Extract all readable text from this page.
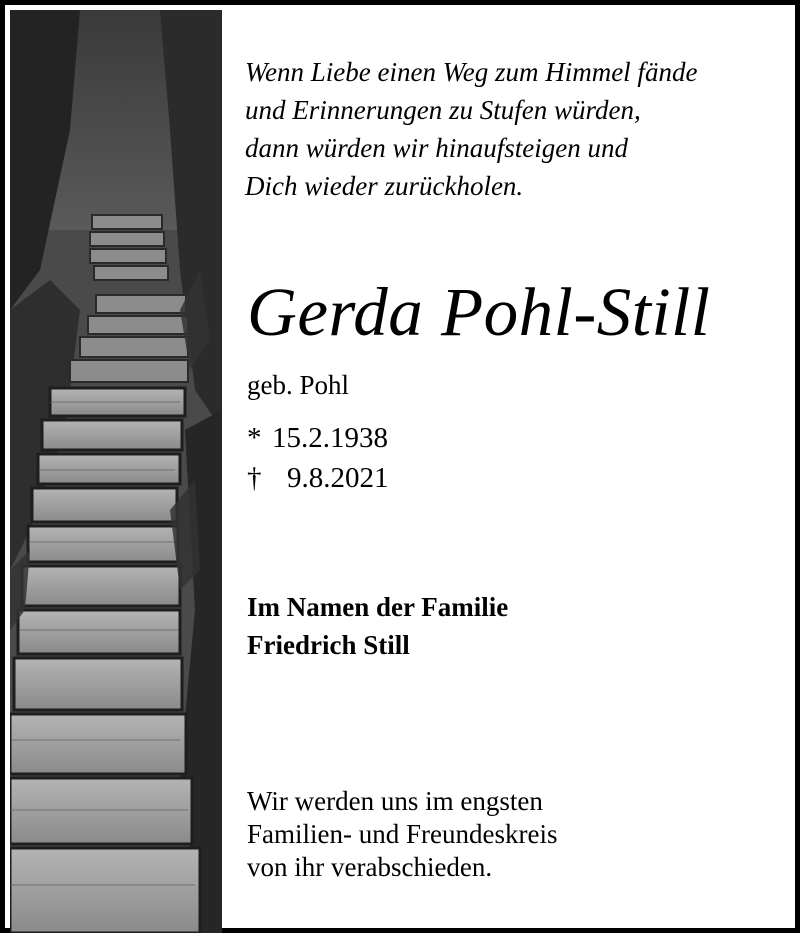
Wenn Liebe einen Weg zum Himmel fände
und Erinnerungen zu Stufen würden,
dann würden wir hinaufsteigen und
Dich wieder zurückholen.
Gerda Pohl-Still
geb. Pohl
* 15.2.1938
† 9.8.2021
Im Namen der Familie
Friedrich Still
Wir werden uns im engsten
Familien- und Freundeskreis
von ihr verabschieden.
